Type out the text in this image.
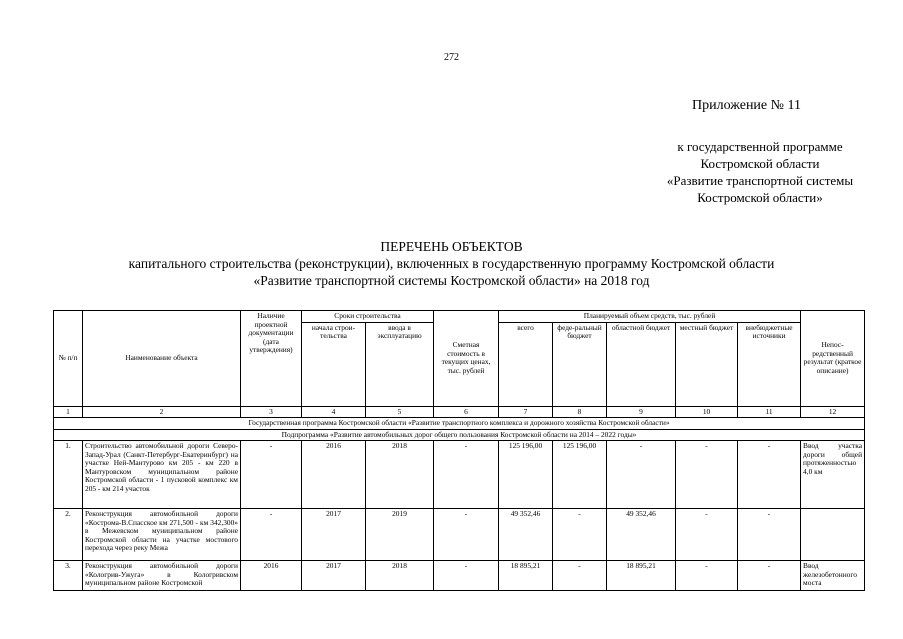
272
Приложение № 11
к государственной программе
Костромской области
«Развитие транспортной системы
Костромской области»
ПЕРЕЧЕНЬ ОБЪЕКТОВ
капитального строительства (реконструкции), включенных в государственную программу Костромской области
«Развитие транспортной системы Костромской области» на 2018 год
№ п/п	Наименование объекта	Наличие проектной документации (дата утверждения)	Сроки строительства		Сметная стоимость в текущих ценах, тыс. рублей	Планируемый объем средств, тыс. рублей					Непос-редственный результат (краткое описание)
			начала строи-тельства	ввода в эксплуатацию		всего	феде-ральный бюджет	областной бюджет	местный бюджет	внебюджетные источники	
1	2	3	4	5	6	7	8	9	10	11	12
Государственная программа Костромской области «Развитие транспортного комплекса и дорожного хозяйства Костромской области»											
Подпрограмма «Развитие автомобильных дорог общего пользования Костромской области на 2014 – 2022 годы»											
1.	Строительство автомобильной дороги Северо-Запад-Урал (Санкт-Петербург-Екатеринбург) на участке Ней-Мантурово км 205 - км 220 в Мантуровском муниципальном районе Костромской области - 1 пусковой комплекс км 205 - км 214 участок	-	2016	2018	-	125 196,00	125 196,00	-	-	-	Ввод участка дороги общей протяженностью 4,0 км
2.	Реконструкция автомобильной дороги «Кострома-В.Спасское км 271,500 - км 342,300» в Межевском муниципальном районе Костромской области на участке мостового перехода через реку Межа	-	2017	2019	-	49 352,46	-	49 352,46	-	-	
3.	Реконструкция автомобильной дороги «Кологрив-Ужуга» в Кологривском муниципальном районе Костромской	2016	2017	2018	-	18 895,21	-	18 895,21	-	-	Ввод железобетонного моста
